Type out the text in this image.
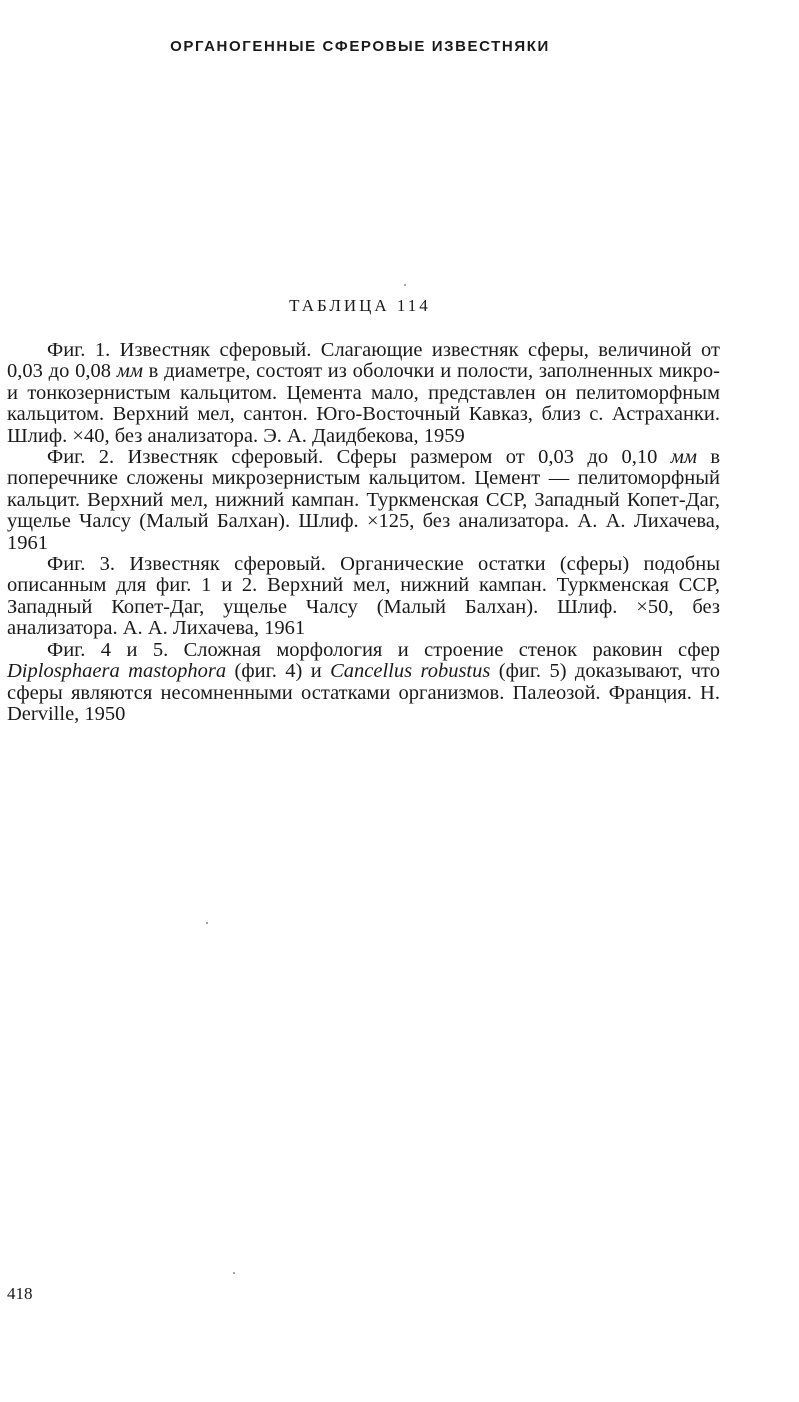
ОРГАНОГЕННЫЕ СФЕРОВЫЕ ИЗВЕСТНЯКИ
ТАБЛИЦА 114

Фиг. 1. Известняк сферовый. Слагающие известняк сферы, величиной от 0,03 до 0,08 мм в диаметре, состоят из оболочки и полости, заполненных микро- и тонкозернистым кальцитом. Цемента мало, представлен он пелитоморфным кальцитом. Верхний мел, сантон. Юго-Восточный Кавказ, близ с. Астраханки. Шлиф. ×40, без анализатора. Э. А. Даидбекова, 1959

Фиг. 2. Известняк сферовый. Сферы размером от 0,03 до 0,10 мм в поперечнике сложены микрозернистым кальцитом. Цемент — пелитоморфный кальцит. Верхний мел, нижний кампан. Туркменская ССР, Западный Копет-Даг, ущелье Чалсу (Малый Балхан). Шлиф. ×125, без анализатора. А. А. Лихачева, 1961

Фиг. 3. Известняк сферовый. Органические остатки (сферы) подобны описанным для фиг. 1 и 2. Верхний мел, нижний кампан. Туркменская ССР, Западный Копет-Даг, ущелье Чалсу (Малый Балхан). Шлиф. ×50, без анализатора. А. А. Лихачева, 1961

Фиг. 4 и 5. Сложная морфология и строение стенок раковин сфер Diplosphaera mastophora (фиг. 4) и Cancellus robustus (фиг. 5) доказывают, что сферы являются несомненными остатками организмов. Палеозой. Франция. H. Derville, 1950

418
